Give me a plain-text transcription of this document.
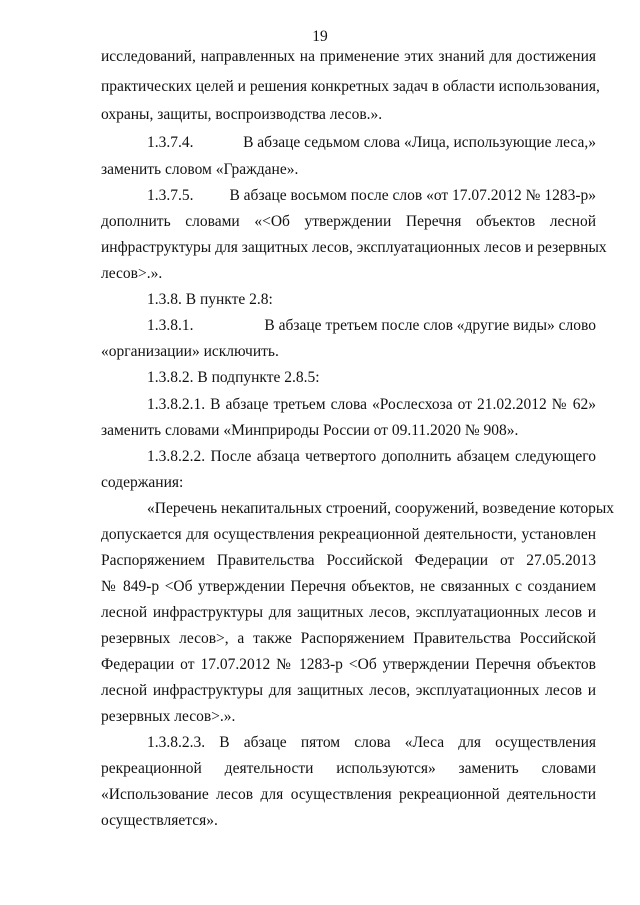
19
исследований, направленных на применение этих знаний для достижения
практических целей и решения конкретных задач в области использования,
охраны, защиты, воспроизводства лесов.».
1.3.7.4.	В абзаце седьмом слова «Лица, использующие леса,»
заменить словом «Граждане».
1.3.7.5. В абзаце восьмом после слов «от 17.07.2012 № 1283-р»
дополнить словами «<Об утверждении Перечня объектов лесной
инфраструктуры для защитных лесов, эксплуатационных лесов и резервных
лесов>.».
1.3.8. В пункте 2.8:
1.3.8.1.	В абзаце третьем после слов «другие виды» слово
«организации» исключить.
1.3.8.2. В подпункте 2.8.5:
1.3.8.2.1. В абзаце третьем слова «Рослесхоза от 21.02.2012 № 62»
заменить словами «Минприроды России от 09.11.2020 № 908».
1.3.8.2.2. После абзаца четвертого дополнить абзацем следующего
содержания:
«Перечень некапитальных строений, сооружений, возведение которых
допускается для осуществления рекреационной деятельности, установлен
Распоряжением Правительства Российской Федерации от 27.05.2013
№ 849-р <Об утверждении Перечня объектов, не связанных с созданием
лесной инфраструктуры для защитных лесов, эксплуатационных лесов и
резервных лесов>, а также Распоряжением Правительства Российской
Федерации от 17.07.2012 № 1283-р <Об утверждении Перечня объектов
лесной инфраструктуры для защитных лесов, эксплуатационных лесов и
резервных лесов>.».
1.3.8.2.3. В абзаце пятом слова «Леса для осуществления
рекреационной деятельности используются» заменить словами
«Использование лесов для осуществления рекреационной деятельности
осуществляется».
